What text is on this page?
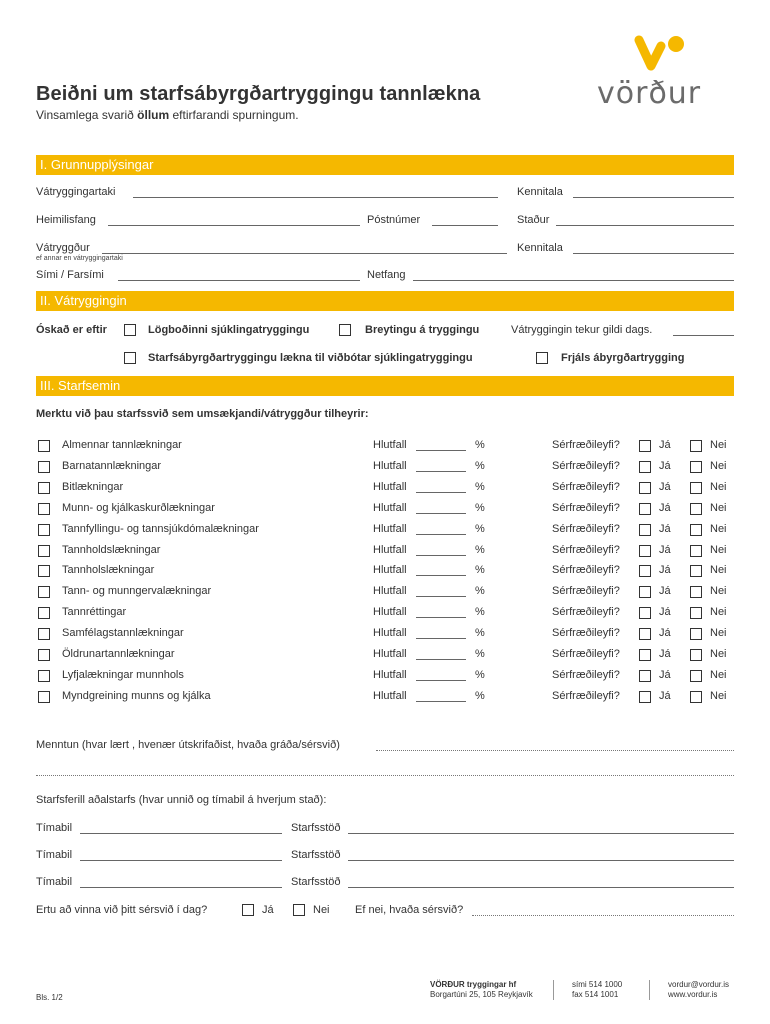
Beiðni um starfsábyrgðartryggingu tannlækna
Vinsamlega svarið öllum eftirfarandi spurningum.
vörður
I. Grunnupplýsingar
Vátryggingartaki	Kennitala
Heimilisfang	Póstnúmer	Staður
Vátryggður
ef annar en vátryggingartaki
Kennitala
Sími / Farsími	Netfang
II. Vátryggingin
Óskað er eftir	Lögboðinni sjúklingatryggingu	Breytingu á tryggingu	Vátryggingin tekur gildi dags.
Starfsábyrgðartryggingu lækna til viðbótar sjúklingatryggingu	Frjáls ábyrgðartrygging
III. Starfsemin
Merktu við þau starfssvið sem umsækjandi/vátryggður tilheyrir:
Almennar tannlækningar	Hlutfall	%	Sérfræðileyfi?	Já	Nei
Barnatannlækningar	Hlutfall	%	Sérfræðileyfi?	Já	Nei
Bitlækningar	Hlutfall	%	Sérfræðileyfi?	Já	Nei
Munn- og kjálkaskurðlækningar	Hlutfall	%	Sérfræðileyfi?	Já	Nei
Tannfyllingu- og tannsjúkdómalækningar	Hlutfall	%	Sérfræðileyfi?	Já	Nei
Tannholdslækningar	Hlutfall	%	Sérfræðileyfi?	Já	Nei
Tannholslækningar	Hlutfall	%	Sérfræðileyfi?	Já	Nei
Tann- og munngervalækningar	Hlutfall	%	Sérfræðileyfi?	Já	Nei
Tannréttingar	Hlutfall	%	Sérfræðileyfi?	Já	Nei
Samfélagstannlækningar	Hlutfall	%	Sérfræðileyfi?	Já	Nei
Öldrunartannlækningar	Hlutfall	%	Sérfræðileyfi?	Já	Nei
Lyfjalækningar munnhols	Hlutfall	%	Sérfræðileyfi?	Já	Nei
Myndgreining munns og kjálka	Hlutfall	%	Sérfræðileyfi?	Já	Nei
Menntun (hvar lært , hvenær útskrifaðist, hvaða gráða/sérsvið)
Starfsferill aðalstarfs (hvar unnið og tímabil á hverjum stað):
Tímabil	Starfsstöð
Tímabil	Starfsstöð
Tímabil	Starfsstöð
Ertu að vinna við þitt sérsvið í dag?	Já	Nei Ef nei, hvaða sérsvið?
Bls. 1/2
VÖRÐUR tryggingar hf
Borgartúni 25, 105 Reykjavík
sími 514 1000
fax 514 1001
vordur@vordur.is
www.vordur.is
